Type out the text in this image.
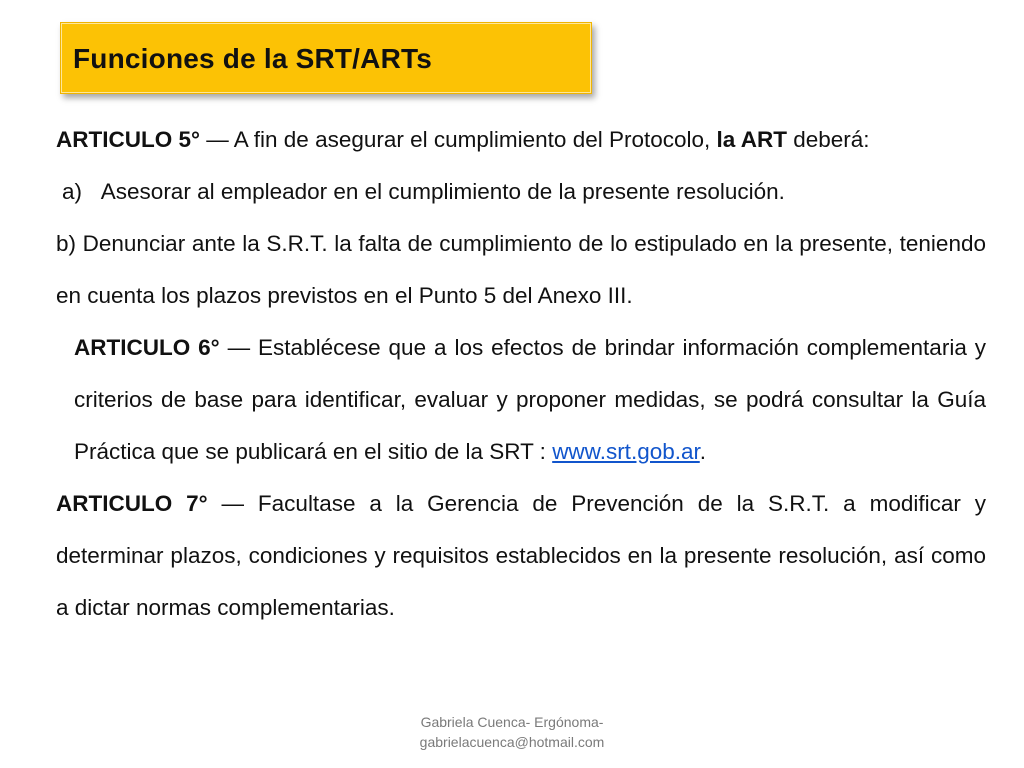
Funciones de la SRT/ARTs

ARTICULO 5° — A fin de asegurar el cumplimiento del Protocolo, la ART deberá:

a) Asesorar al empleador en el cumplimiento de la presente resolución.

b) Denunciar ante la S.R.T. la falta de cumplimiento de lo estipulado en la presente, teniendo en cuenta los plazos previstos en el Punto 5 del Anexo III.

ARTICULO 6° — Establécese que a los efectos de brindar información complementaria y criterios de base para identificar, evaluar y proponer medidas, se podrá consultar la Guía Práctica que se publicará en el sitio de la SRT : www.srt.gob.ar.

ARTICULO 7° — Facultase a la Gerencia de Prevención de la S.R.T. a modificar y determinar plazos, condiciones y requisitos establecidos en la presente resolución, así como a dictar normas complementarias.

Gabriela Cuenca- Ergónoma-
gabrielacuenca@hotmail.com
